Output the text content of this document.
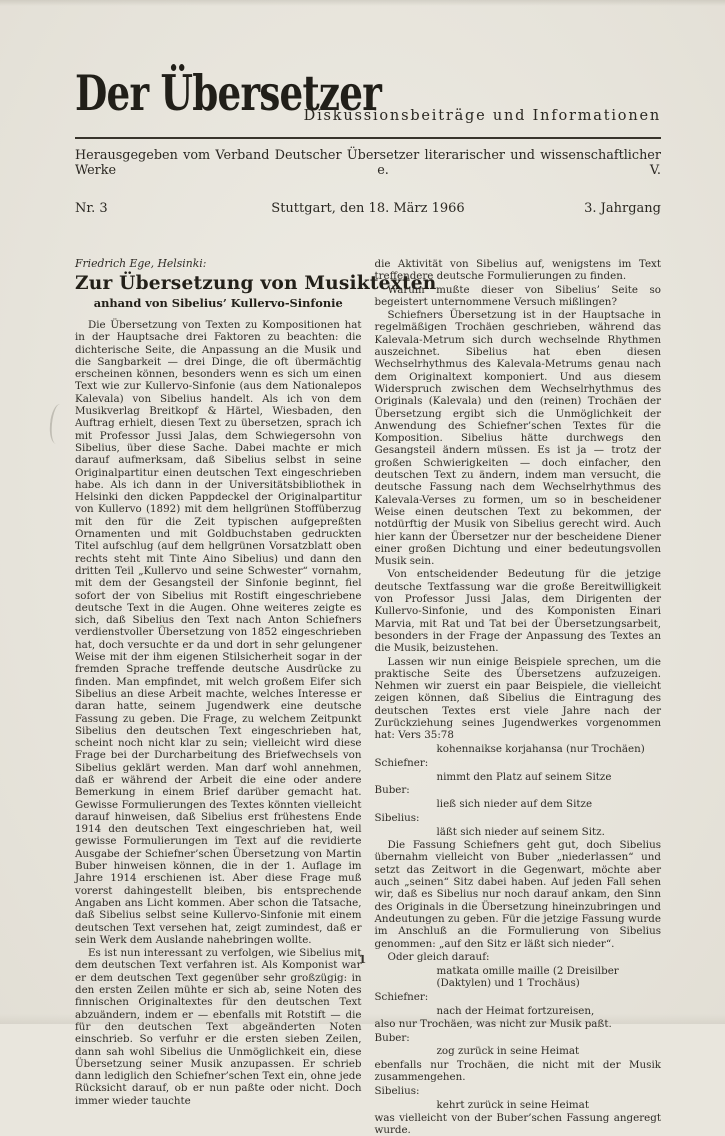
Der Übersetzer
Diskussionsbeiträge und Informationen
Herausgegeben vom Verband Deutscher Übersetzer literarischer und wissenschaftlicher Werke e. V.
Nr. 3	Stuttgart, den 18. März 1966	3. Jahrgang
Friedrich Ege, Helsinki:
Zur Übersetzung von Musiktexten
anhand von Sibelius’ Kullervo-Sinfonie

Die Übersetzung von Texten zu Kompositionen hat in der Hauptsache drei Faktoren zu beachten: die dichterische Seite, die Anpassung an die Musik und die Sangbarkeit — drei Dinge, die oft übermächtig erscheinen können, besonders wenn es sich um einen Text wie zur Kullervo-Sinfonie (aus dem Nationalepos Kalevala) von Sibelius handelt. Als ich von dem Musikverlag Breitkopf & Härtel, Wiesbaden, den Auftrag erhielt, diesen Text zu übersetzen, sprach ich mit Professor Jussi Jalas, dem Schwiegersohn von Sibelius, über diese Sache. Dabei machte er mich darauf aufmerksam, daß Sibelius selbst in seine Originalpartitur einen deutschen Text eingeschrieben habe. Als ich dann in der Universitätsbibliothek in Helsinki den dicken Pappdeckel der Originalpartitur von Kullervo (1892) mit dem hellgrünen Stoffüberzug mit den für die Zeit typischen aufgepreßten Ornamenten und mit Goldbuchstaben gedruckten Titel aufschlug (auf dem hellgrünen Vorsatzblatt oben rechts steht mit Tinte Aino Sibelius) und dann den dritten Teil „Kullervo und seine Schwester“ vornahm, mit dem der Gesangsteil der Sinfonie beginnt, fiel sofort der von Sibelius mit Rostift eingeschriebene deutsche Text in die Augen. Ohne weiteres zeigte es sich, daß Sibelius den Text nach Anton Schiefners verdienstvoller Übersetzung von 1852 eingeschrieben hat, doch versuchte er da und dort in sehr gelungener Weise mit der ihm eigenen Stilsicherheit sogar in der fremden Sprache treffende deutsche Ausdrücke zu finden. Man empfindet, mit welch großem Eifer sich Sibelius an diese Arbeit machte, welches Interesse er daran hatte, seinem Jugendwerk eine deutsche Fassung zu geben. Die Frage, zu welchem Zeitpunkt Sibelius den deutschen Text eingeschrieben hat, scheint noch nicht klar zu sein; vielleicht wird diese Frage bei der Durcharbeitung des Briefwechsels von Sibelius geklärt werden. Man darf wohl annehmen, daß er während der Arbeit die eine oder andere Bemerkung in einem Brief darüber gemacht hat. Gewisse Formulierungen des Textes könnten vielleicht darauf hinweisen, daß Sibelius erst frühestens Ende 1914 den deutschen Text eingeschrieben hat, weil gewisse Formulierungen im Text auf die revidierte Ausgabe der Schiefner’schen Übersetzung von Martin Buber hinweisen können, die in der 1. Auflage im Jahre 1914 erschienen ist. Aber diese Frage muß vorerst dahingestellt bleiben, bis entsprechende Angaben ans Licht kommen. Aber schon die Tatsache, daß Sibelius selbst seine Kullervo-Sinfonie mit einem deutschen Text versehen hat, zeigt zumindest, daß er sein Werk dem Auslande nahebringen wollte.

Es ist nun interessant zu verfolgen, wie Sibelius mit dem deutschen Text verfahren ist. Als Komponist war er dem deutschen Text gegenüber sehr großzügig: in den ersten Zeilen mühte er sich ab, seine Noten des finnischen Originaltextes für den deutschen Text abzuändern, indem er — ebenfalls mit Rotstift — die für den deutschen Text abgeänderten Noten einschrieb. So verfuhr er die ersten sieben Zeilen, dann sah wohl Sibelius die Unmöglichkeit ein, diese Übersetzung seiner Musik anzupassen. Er schrieb dann lediglich den Schiefner’schen Text ein, ohne jede Rücksicht darauf, ob er nun paßte oder nicht. Doch immer wieder tauchte

die Aktivität von Sibelius auf, wenigstens im Text treffendere deutsche Formulierungen zu finden.

Warum mußte dieser von Sibelius’ Seite so begeistert unternommene Versuch mißlingen?

Schiefners Übersetzung ist in der Hauptsache in regelmäßigen Trochäen geschrieben, während das Kalevala-Metrum sich durch wechselnde Rhythmen auszeichnet. Sibelius hat eben diesen Wechselrhythmus des Kalevala-Metrums genau nach dem Originaltext komponiert. Und aus diesem Widerspruch zwischen dem Wechselrhythmus des Originals (Kalevala) und den (reinen) Trochäen der Übersetzung ergibt sich die Unmöglichkeit der Anwendung des Schiefner’schen Textes für die Komposition. Sibelius hätte durchwegs den Gesangsteil ändern müssen. Es ist ja — trotz der großen Schwierigkeiten — doch einfacher, den deutschen Text zu ändern, indem man versucht, die deutsche Fassung nach dem Wechselrhythmus des Kalevala-Verses zu formen, um so in bescheidener Weise einen deutschen Text zu bekommen, der notdürftig der Musik von Sibelius gerecht wird. Auch hier kann der Übersetzer nur der bescheidene Diener einer großen Dichtung und einer bedeutungsvollen Musik sein.

Von entscheidender Bedeutung für die jetzige deutsche Textfassung war die große Bereitwilligkeit von Professor Jussi Jalas, dem Dirigenten der Kullervo-Sinfonie, und des Komponisten Einari Marvia, mit Rat und Tat bei der Übersetzungsarbeit, besonders in der Frage der Anpassung des Textes an die Musik, beizustehen.

Lassen wir nun einige Beispiele sprechen, um die praktische Seite des Übersetzens aufzuzeigen. Nehmen wir zuerst ein paar Beispiele, die vielleicht zeigen können, daß Sibelius die Eintragung des deutschen Textes erst viele Jahre nach der Zurückziehung seines Jugendwerkes vorgenommen hat: Vers 35:78

kohennaikse korjahansa (nur Trochäen)

Schiefner:

nimmt den Platz auf seinem Sitze

Buber:

ließ sich nieder auf dem Sitze

Sibelius:

läßt sich nieder auf seinem Sitz.

Die Fassung Schiefners geht gut, doch Sibelius übernahm vielleicht von Buber „niederlassen“ und setzt das Zeitwort in die Gegenwart, möchte aber auch „seinen“ Sitz dabei haben. Auf jeden Fall sehen wir, daß es Sibelius nur noch darauf ankam, den Sinn des Originals in die Übersetzung hineinzubringen und Andeutungen zu geben. Für die jetzige Fassung wurde im Anschluß an die Formulierung von Sibelius genommen: „auf den Sitz er läßt sich nieder“.

Oder gleich darauf:

matkata omille maille (2 Dreisilber (Daktylen) und 1 Trochäus)

Schiefner:

nach der Heimat fortzureisen,

also nur Trochäen, was nicht zur Musik paßt.

Buber:

zog zurück in seine Heimat

ebenfalls nur Trochäen, die nicht mit der Musik zusammengehen.

Sibelius:

kehrt zurück in seine Heimat

was vielleicht von der Buber’schen Fassung angeregt wurde.

1
